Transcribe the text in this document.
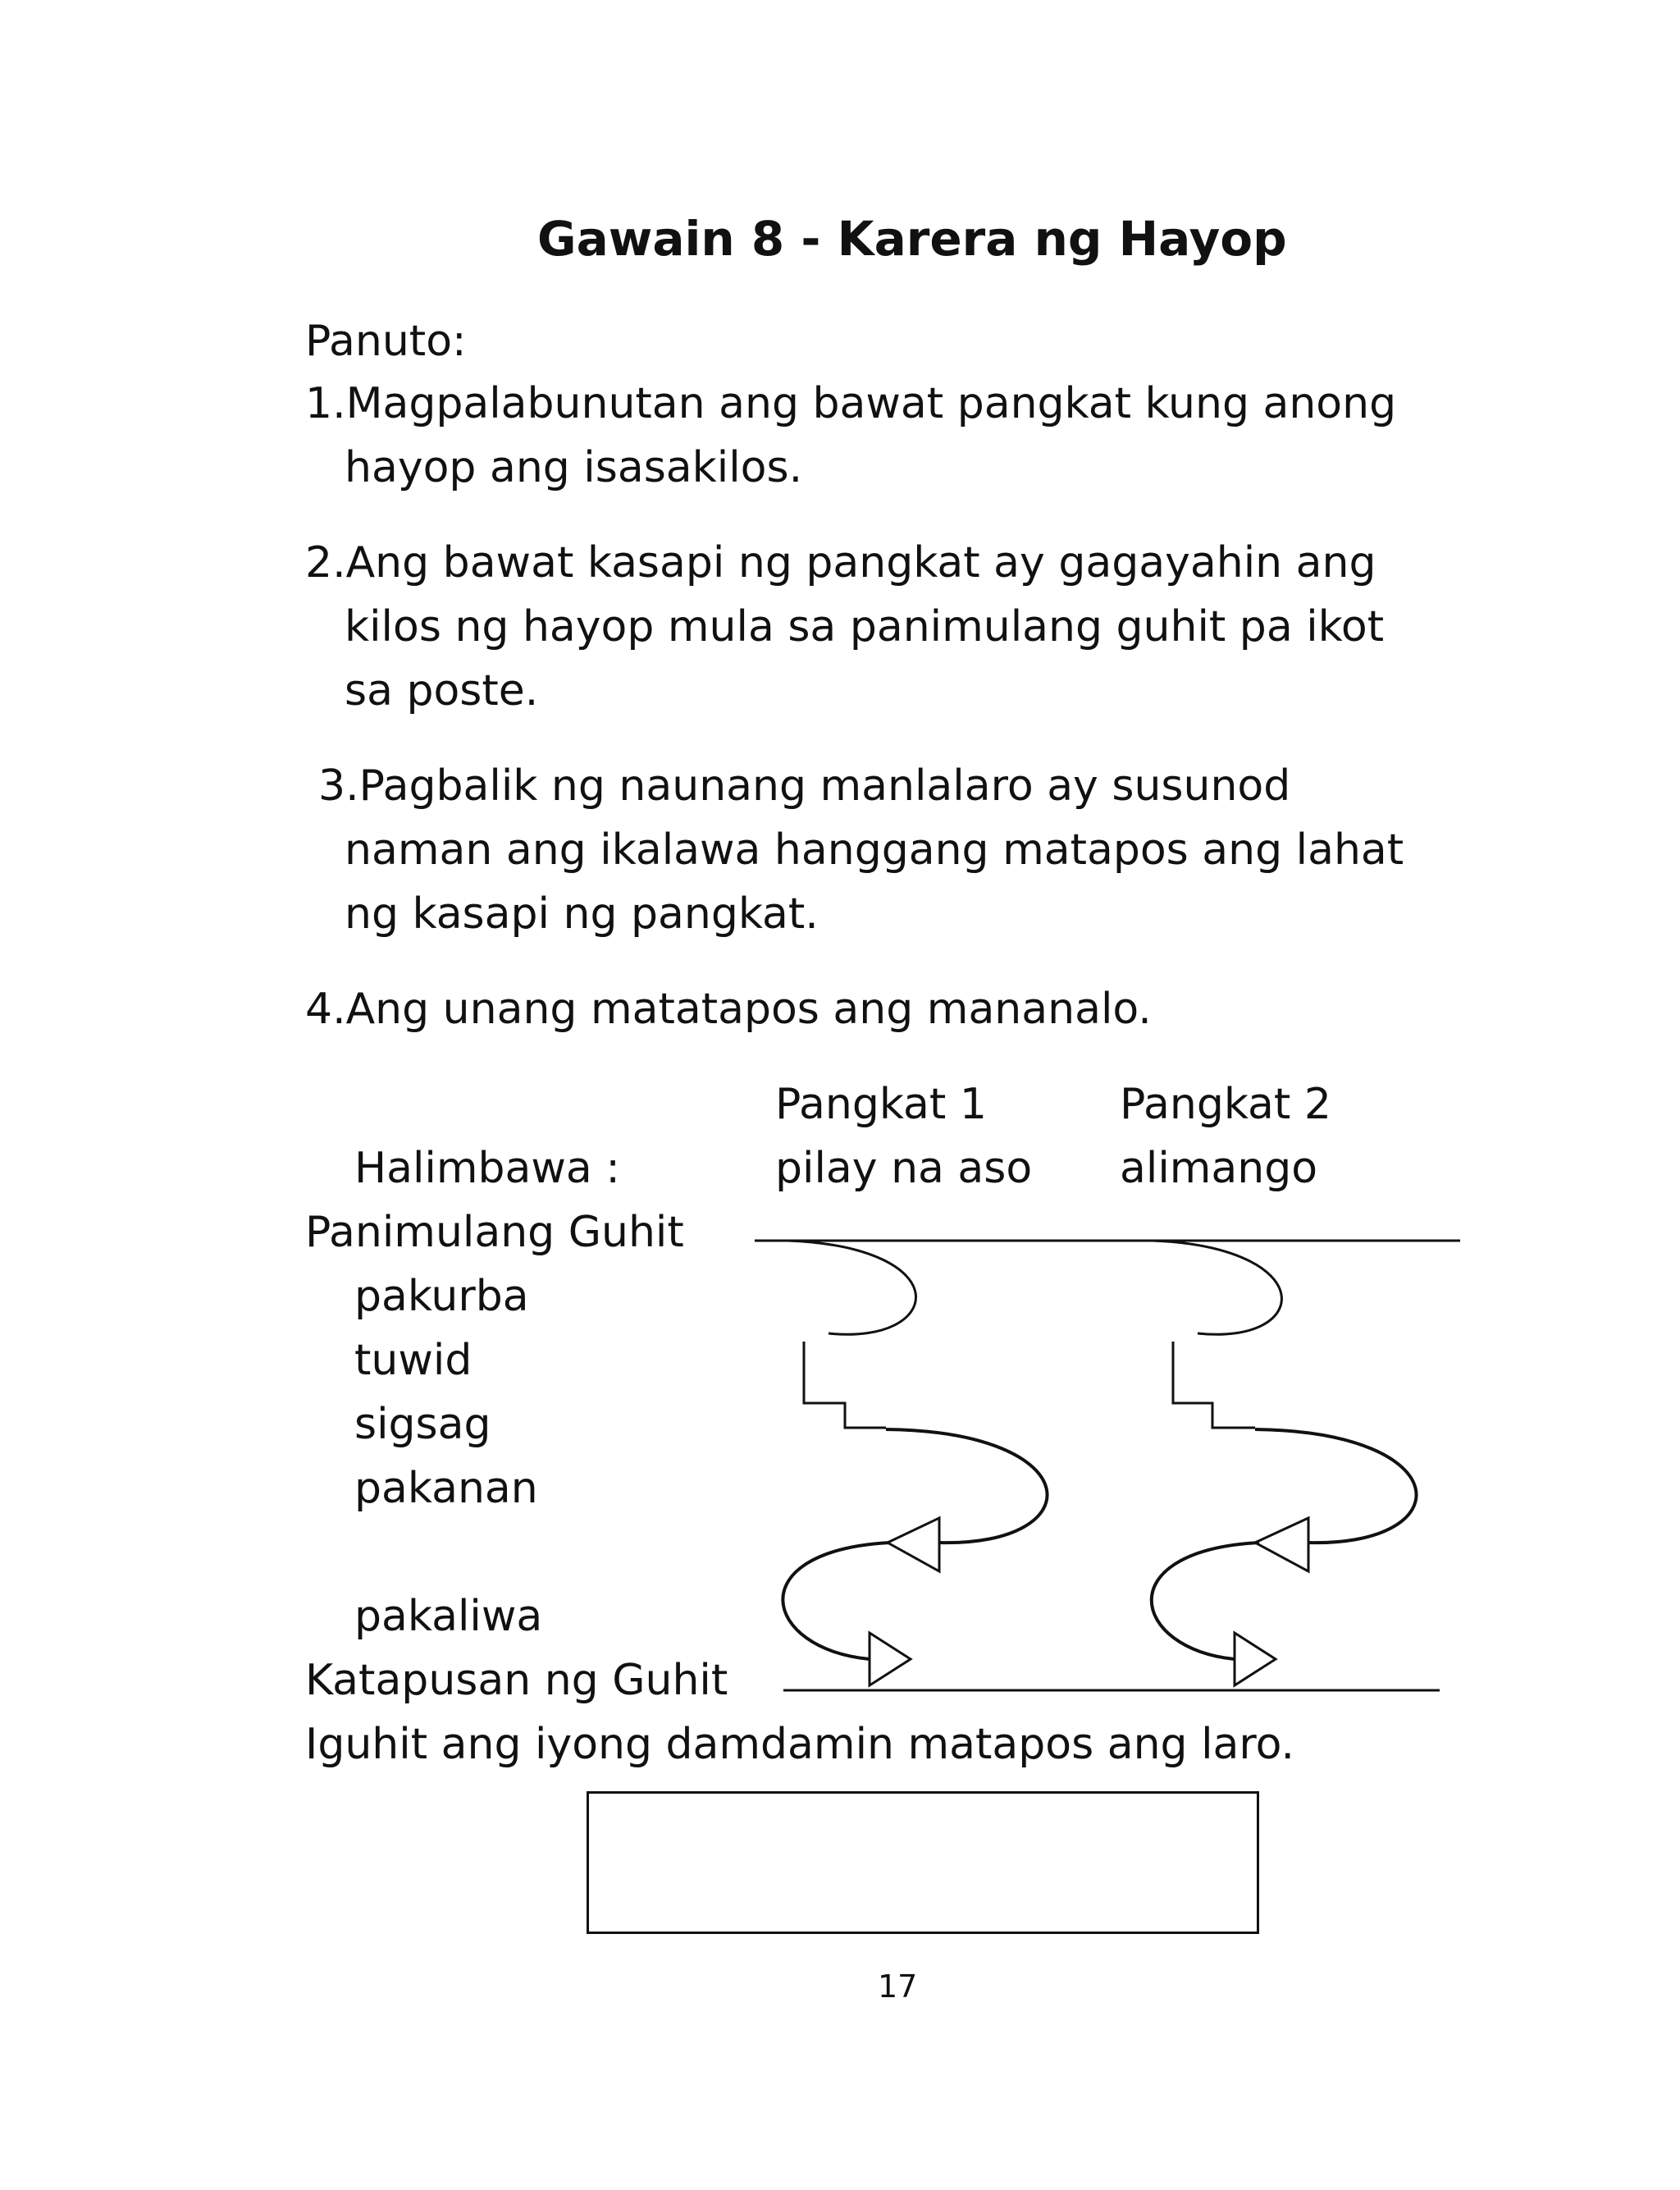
Gawain 8 - Karera ng Hayop
Panuto:
1.Magpalabunutan ang bawat pangkat kung anong
hayop ang isasakilos.
2.Ang bawat kasapi ng pangkat ay gagayahin ang
kilos ng hayop mula sa panimulang guhit pa ikot
sa poste.
3.Pagbalik ng naunang manlalaro ay susunod
naman ang ikalawa hanggang matapos ang lahat
ng kasapi ng pangkat.
4.Ang unang matatapos ang mananalo.
Pangkat 1	Pangkat 2
Halimbawa :	pilay na aso alimango
Panimulang Guhit
pakurba
tuwid
sigsag
pakanan
pakaliwa
Katapusan ng Guhit
Iguhit ang iyong damdamin matapos ang laro.
17
